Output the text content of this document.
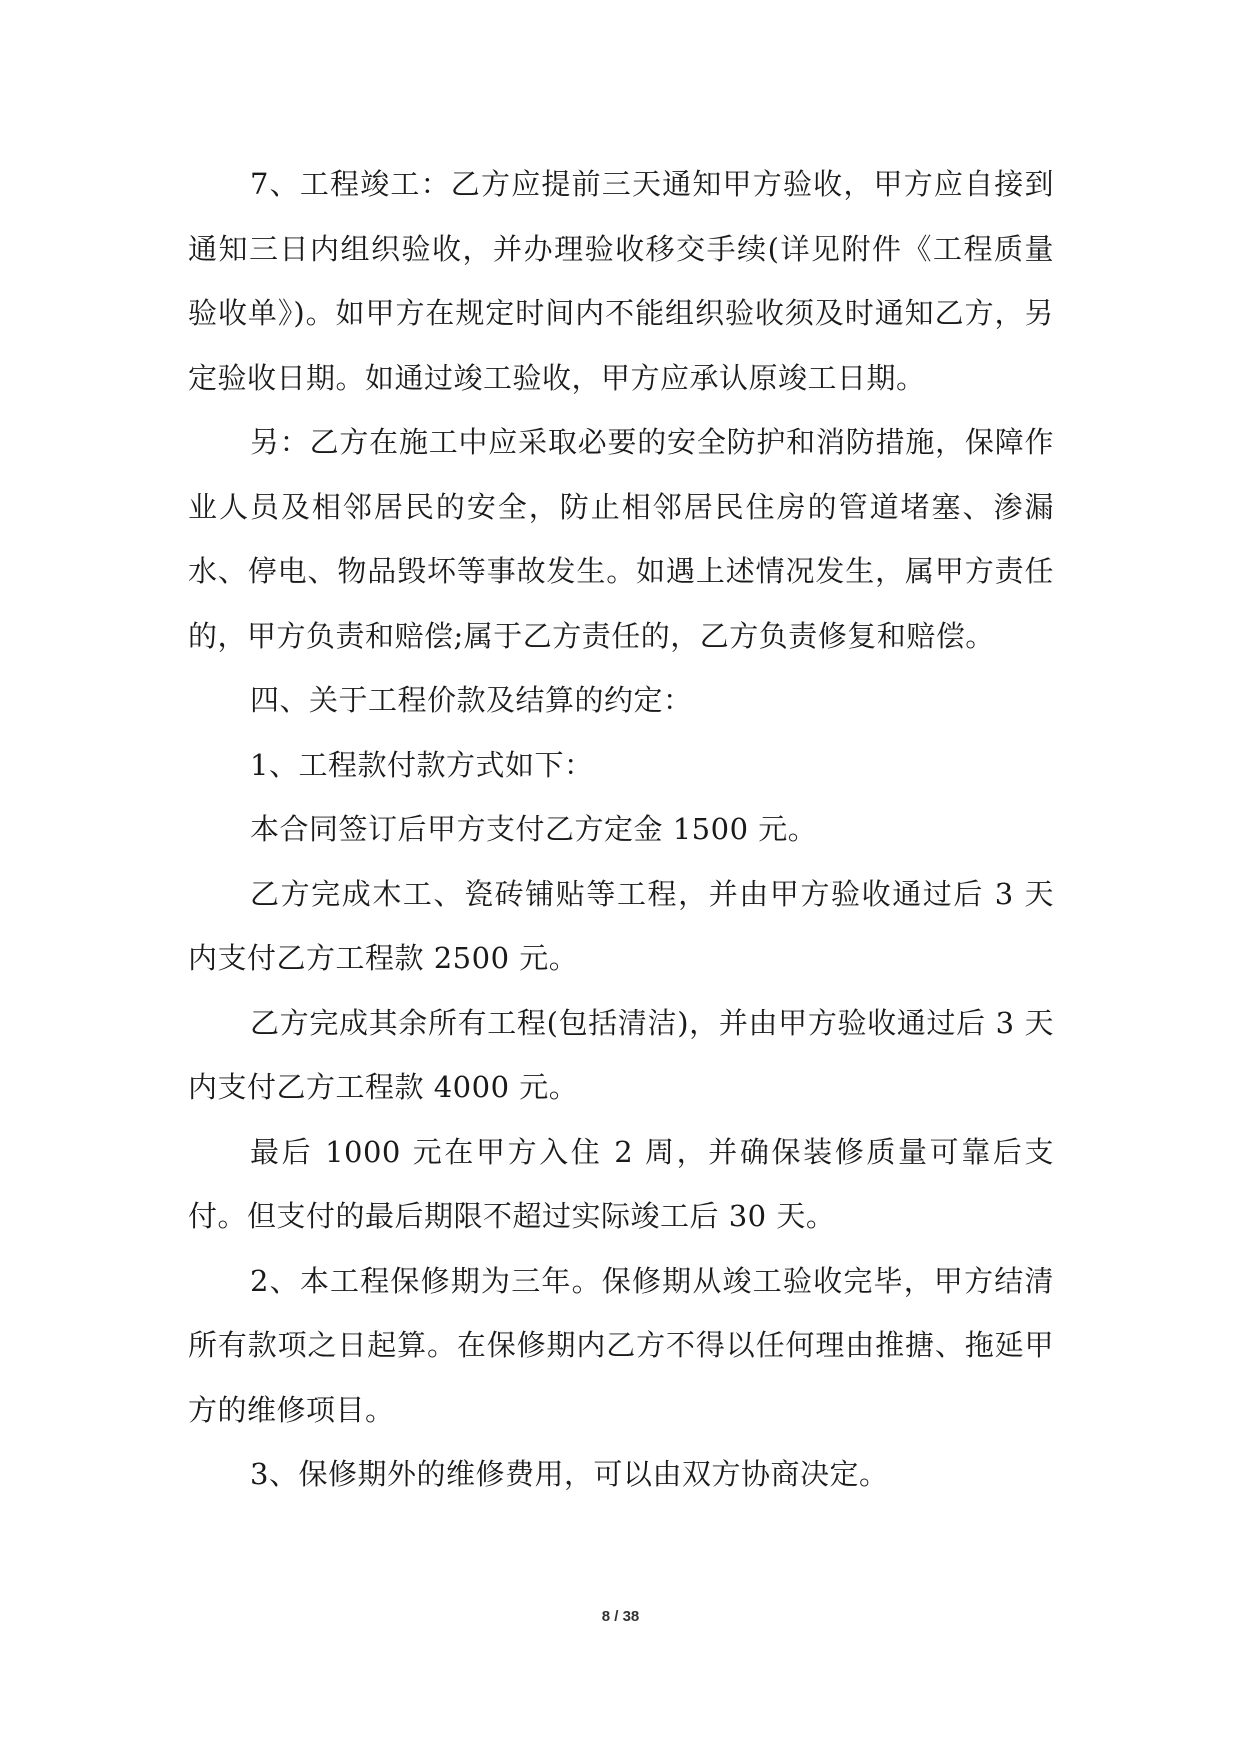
7、工程竣工：乙方应提前三天通知甲方验收，甲方应自接到通知三日内组织验收，并办理验收移交手续(详见附件《工程质量验收单》)。如甲方在规定时间内不能组织验收须及时通知乙方，另定验收日期。如通过竣工验收，甲方应承认原竣工日期。

另：乙方在施工中应采取必要的安全防护和消防措施，保障作业人员及相邻居民的安全，防止相邻居民住房的管道堵塞、渗漏水、停电、物品毁坏等事故发生。如遇上述情况发生，属甲方责任的，甲方负责和赔偿;属于乙方责任的，乙方负责修复和赔偿。

四、关于工程价款及结算的约定：

1、工程款付款方式如下：

本合同签订后甲方支付乙方定金 1500 元。

乙方完成木工、瓷砖铺贴等工程，并由甲方验收通过后 3 天内支付乙方工程款 2500 元。

乙方完成其余所有工程(包括清洁)，并由甲方验收通过后 3 天内支付乙方工程款 4000 元。

最后 1000 元在甲方入住 2 周，并确保装修质量可靠后支付。但支付的最后期限不超过实际竣工后 30 天。

2、本工程保修期为三年。保修期从竣工验收完毕，甲方结清所有款项之日起算。在保修期内乙方不得以任何理由推搪、拖延甲方的维修项目。

3、保修期外的维修费用，可以由双方协商决定。

8 / 38
